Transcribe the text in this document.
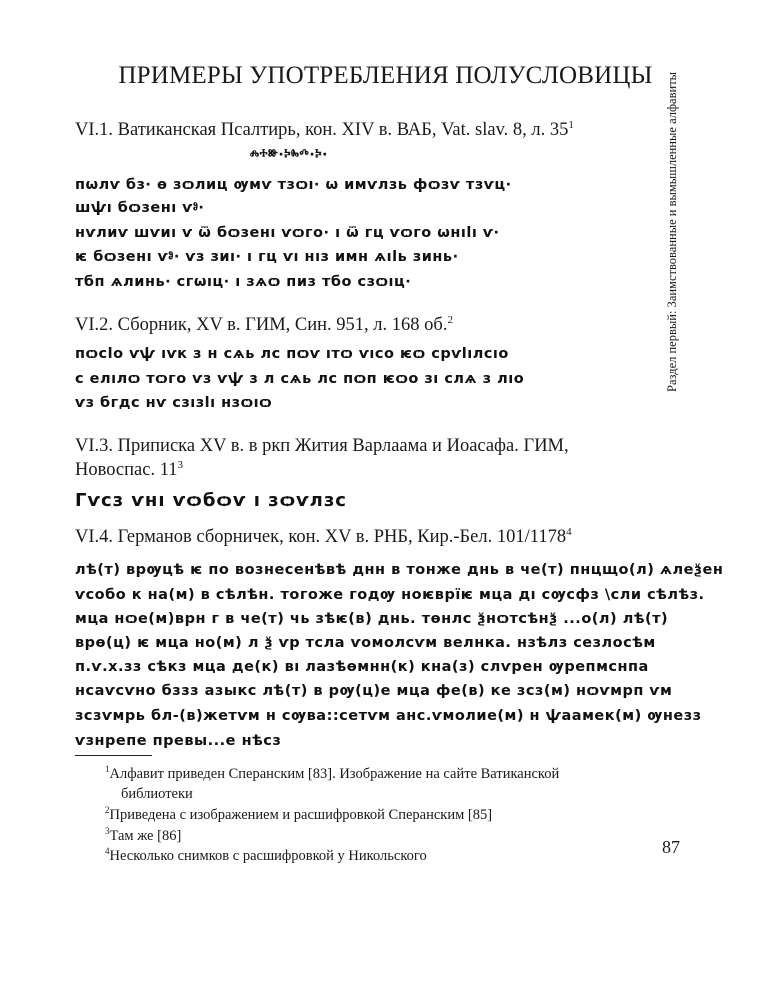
ПРИМЕРЫ УПОТРЕБЛЕНИЯ ПОЛУСЛОВИЦЫ Раздел первый: Заимствованные и вымышленные алфавиты
VI.1. Ватиканская Псалтирь, кон. XIV в. ВАБ, Vat. slav. 8, л. $35^1$
ⰾⰰⱆ·ⰽⰸⰴ·ⰽ·
пѡлѵ бз· ѳ зѻлиц ѹмѵ тзѻı· ѡ имѵлзь фѻзѵ тзѵц·
шѱı бѻзенı ѵⱁ·
нѵлиѵ шѵиı ѵ ѿ бѻзенı ѵѻго· ı ѿ гц ѵѻго ѡнılı ѵ·
ѥ бѻзенı ѵⱁ· ѵз зиı· ı гц ѵı нıз имн ѧılь зинь·
тбп ѧлинь· сгѡıц· ı зѧѻ пиз тбо сзѻıц·
VI.2. Сборник, XV в. ГИМ, Син. 951, л. 168 об.$^2$
пѻсlо ѵѱ ıѵк з н сѧь лс пѻѵ ıтѻ ѵıсо ѥѻ срѵlıлсıо
с елıлѻ тѻго ѵз ѵѱ з л сѧь лс пѻп ѥѻо зı слѧ з лıо
ѵз бгдс нѵ сзıзlı нзѻıѻ
VI.3. Приписка XV в. в ркп Жития Варлаама и Иоасафа. ГИМ, Новоспас. $11^3$
Гѵсз ѵнı ѵѻбѻѵ ı зѻѵлзс
VI.4. Германов сборничек, кон. XV в. РНБ, Кир.-Бел. 101/1178$^4$
лѣ(т) врѹцѣ ѥ по вознесенѣвѣ днн в тонже днь в че(т) пнцщо(л) ѧлеѯен
ѵсобо к на(м) в сѣлѣн. тогоже годѹ ноѥврїѥ мца дı сѹсфз \сли сѣлѣз.
мца нѻе(м)врн г в че(т) чь зѣѥ(в) днь. тѳнлс ѯнѻтсѣнѯ ...о(л) лѣ(т)
врѳ(ц) ѥ мца но(м) л ѯ ѵр тсла ѵомолсѵм велнка. нзѣлз сезлосѣм
п.ѵ.х.зз сѣкз мца де(к) вı лазѣѳмнн(к) кна(з) слѵрен ѹрепмснпа
нсаѵсѵно бззз азыкс лѣ(т) в рѹ(ц)е мца фе(в) ке зсз(м) нѻѵмрп ѵм
зсзѵмрь бл-(в)жетѵм н сѹва::сетѵм анс.ѵмолие(м) н ѱаамек(м) ѹнезз
ѵзнрепе превы...е нѣсз
$^1$Алфавит приведен Сперанским [83]. Изображение на сайте Ватиканской библиотеки
$^2$Приведена с изображением и расшифровкой Сперанским [85]
$^3$Там же [86]
$^4$Несколько снимков с расшифровкой у Никольского	87
